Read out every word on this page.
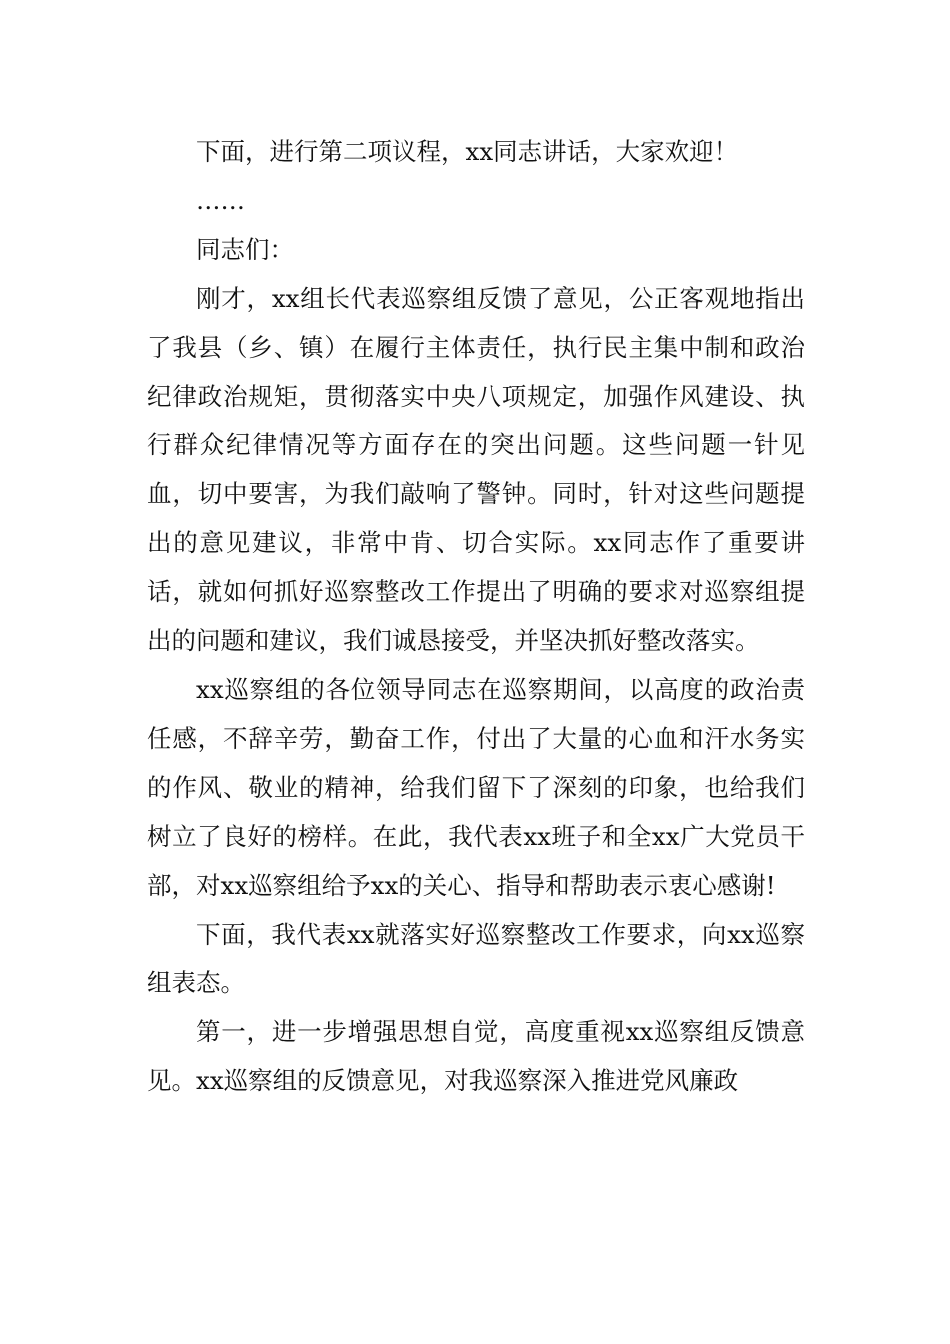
下面，进行第二项议程，xx同志讲话，大家欢迎！

……

同志们：

刚才，xx组长代表巡察组反馈了意见，公正客观地指出了我县（乡、镇）在履行主体责任，执行民主集中制和政治纪律政治规矩，贯彻落实中央八项规定，加强作风建设、执行群众纪律情况等方面存在的突出问题。这些问题一针见血，切中要害，为我们敲响了警钟。同时，针对这些问题提出的意见建议，非常中肯、切合实际。xx同志作了重要讲话，就如何抓好巡察整改工作提出了明确的要求对巡察组提出的问题和建议，我们诚恳接受，并坚决抓好整改落实。

xx巡察组的各位领导同志在巡察期间，以高度的政治责任感，不辞辛劳，勤奋工作，付出了大量的心血和汗水务实的作风、敬业的精神，给我们留下了深刻的印象，也给我们树立了良好的榜样。在此，我代表xx班子和全xx广大党员干部，对xx巡察组给予xx的关心、指导和帮助表示衷心感谢!

下面，我代表xx就落实好巡察整改工作要求，向xx巡察组表态。

第一，进一步增强思想自觉，高度重视xx巡察组反馈意见。xx巡察组的反馈意见，对我巡察深入推进党风廉政
